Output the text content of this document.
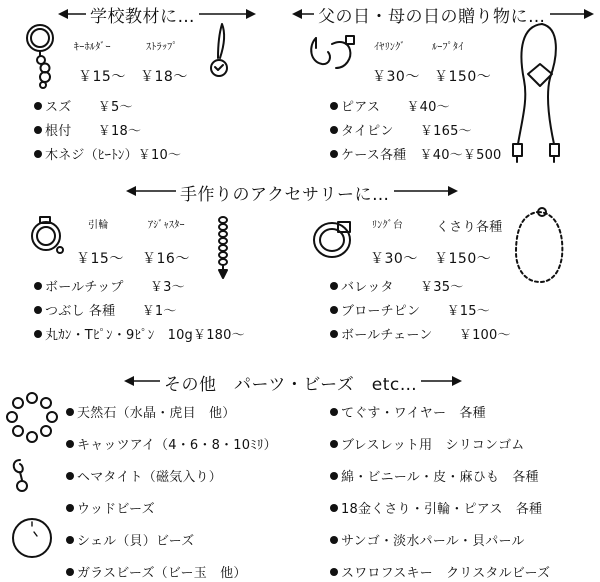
学校教材に…
ｷｰﾎﾙﾀﾞｰ	ｽﾄﾗｯﾌﾟ
￥15～ ￥18～
スズ　　￥5～
根付　　￥18～
木ネジ（ﾋｰﾄﾝ）￥10～
父の日・母の日の贈り物に…
ｲﾔﾘﾝｸﾞ	ﾙｰﾌﾟﾀｲ
￥30～ ￥150～
ピアス　　￥40～
タイピン　　￥165～
ケース各種　￥40～￥500
手作りのアクセサリーに…
引輪	ｱｼﾞｬｽﾀｰ
￥15～ ￥16～
ボールチップ　　￥3～
つぶし 各種　　￥1～
丸ｶﾝ・Tﾋﾟﾝ・9ﾋﾟﾝ　10g￥180～
ﾘﾝｸﾞ台	くさり各種
￥30～ ￥150～
バレッタ　　￥35～
ブローチピン　　￥15～
ボールチェーン　　￥100～
その他　パーツ・ビーズ　etc…
天然石（水晶・虎目　他）
キャッツアイ（4・6・8・10ﾐﾘ）
ヘマタイト（磁気入り）
ウッドビーズ
シェル（貝）ビーズ
ガラスビーズ（ビー玉　他）
てぐす・ワイヤー　各種
ブレスレット用　シリコンゴム
綿・ビニール・皮・麻ひも　各種
18金くさり・引輪・ピアス　各種
サンゴ・淡水パール・貝パール
スワロフスキー　クリスタルビーズ
